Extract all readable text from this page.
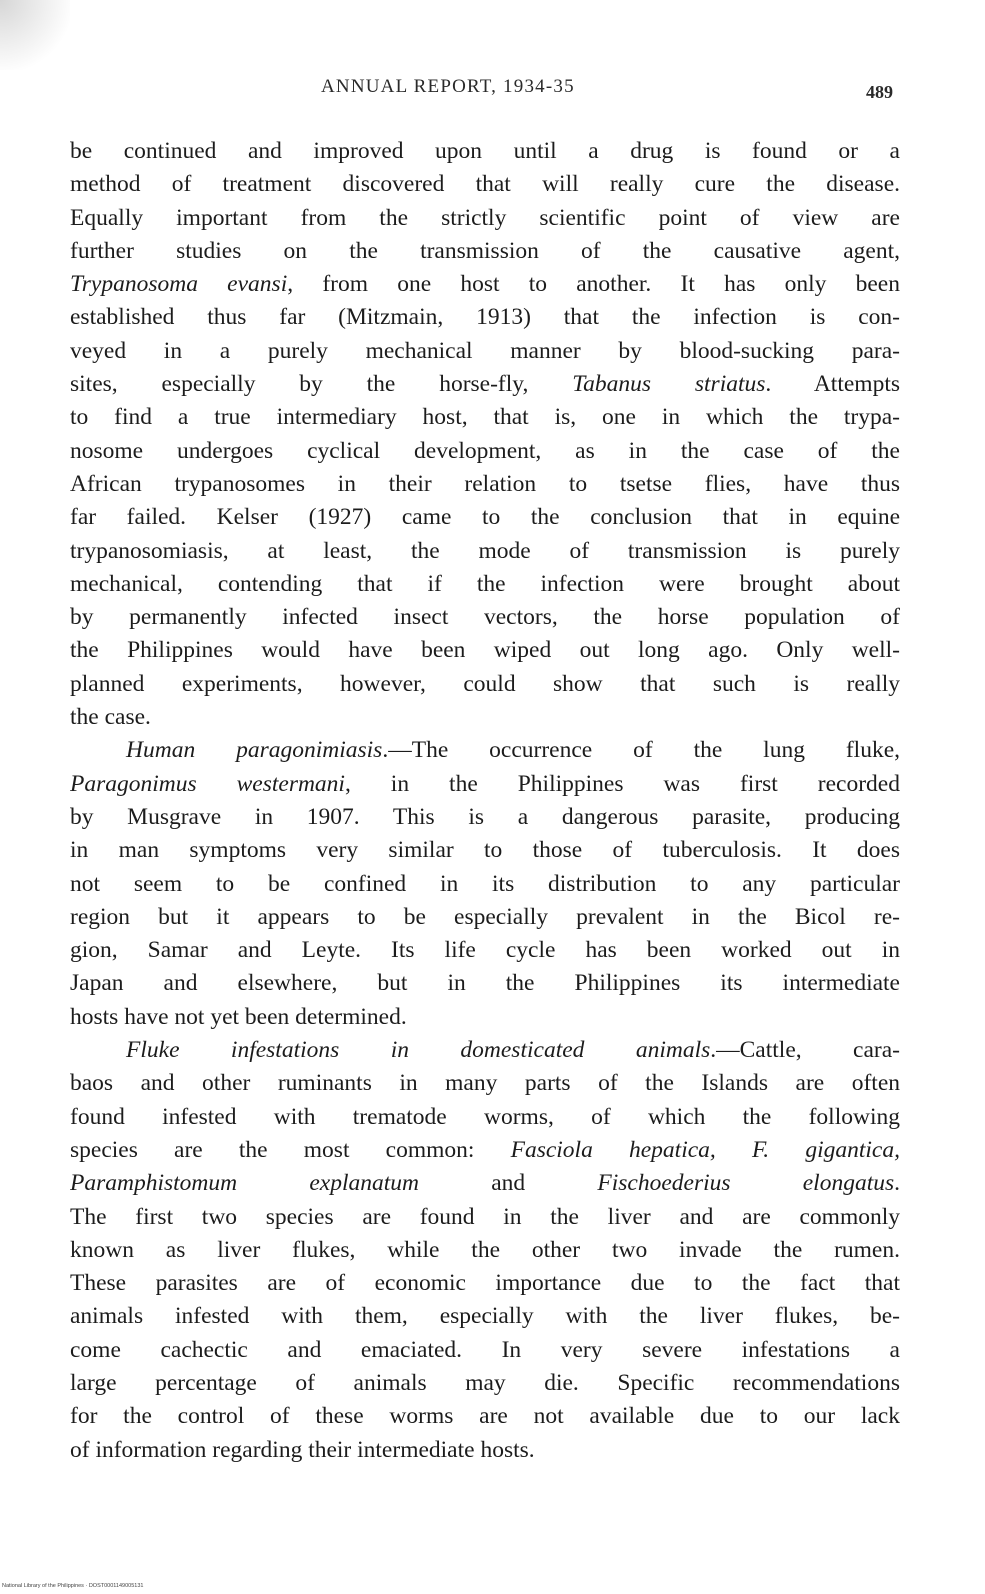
ANNUAL REPORT, 1934-35	489
be continued and improved upon until a drug is found or a
method of treatment discovered that will really cure the disease.
Equally important from the strictly scientific point of view are
further studies on the transmission of the causative agent,
Trypanosoma evansi, from one host to another. It has only been
established thus far (Mitzmain, 1913) that the infection is con-
veyed in a purely mechanical manner by blood-sucking para-
sites, especially by the horse-fly, Tabanus striatus. Attempts
to find a true intermediary host, that is, one in which the trypa-
nosome undergoes cyclical development, as in the case of the
African trypanosomes in their relation to tsetse flies, have thus
far failed. Kelser (1927) came to the conclusion that in equine
trypanosomiasis, at least, the mode of transmission is purely
mechanical, contending that if the infection were brought about
by permanently infected insect vectors, the horse population of
the Philippines would have been wiped out long ago. Only well-
planned experiments, however, could show that such is really
the case.
Human paragonimiasis.—The occurrence of the lung fluke,
Paragonimus westermani, in the Philippines was first recorded
by Musgrave in 1907. This is a dangerous parasite, producing
in man symptoms very similar to those of tuberculosis. It does
not seem to be confined in its distribution to any particular
region but it appears to be especially prevalent in the Bicol re-
gion, Samar and Leyte. Its life cycle has been worked out in
Japan and elsewhere, but in the Philippines its intermediate
hosts have not yet been determined.
Fluke infestations in domesticated animals.—Cattle, cara-
baos and other ruminants in many parts of the Islands are often
found infested with trematode worms, of which the following
species are the most common: Fasciola hepatica, F. gigantica,
Paramphistomum explanatum and Fischoederius elongatus.
The first two species are found in the liver and are commonly
known as liver flukes, while the other two invade the rumen.
These parasites are of economic importance due to the fact that
animals infested with them, especially with the liver flukes, be-
come cachectic and emaciated. In very severe infestations a
large percentage of animals may die. Specific recommendations
for the control of these worms are not available due to our lack
of information regarding their intermediate hosts.
National Library of the Philippines · DOST0001149005131
